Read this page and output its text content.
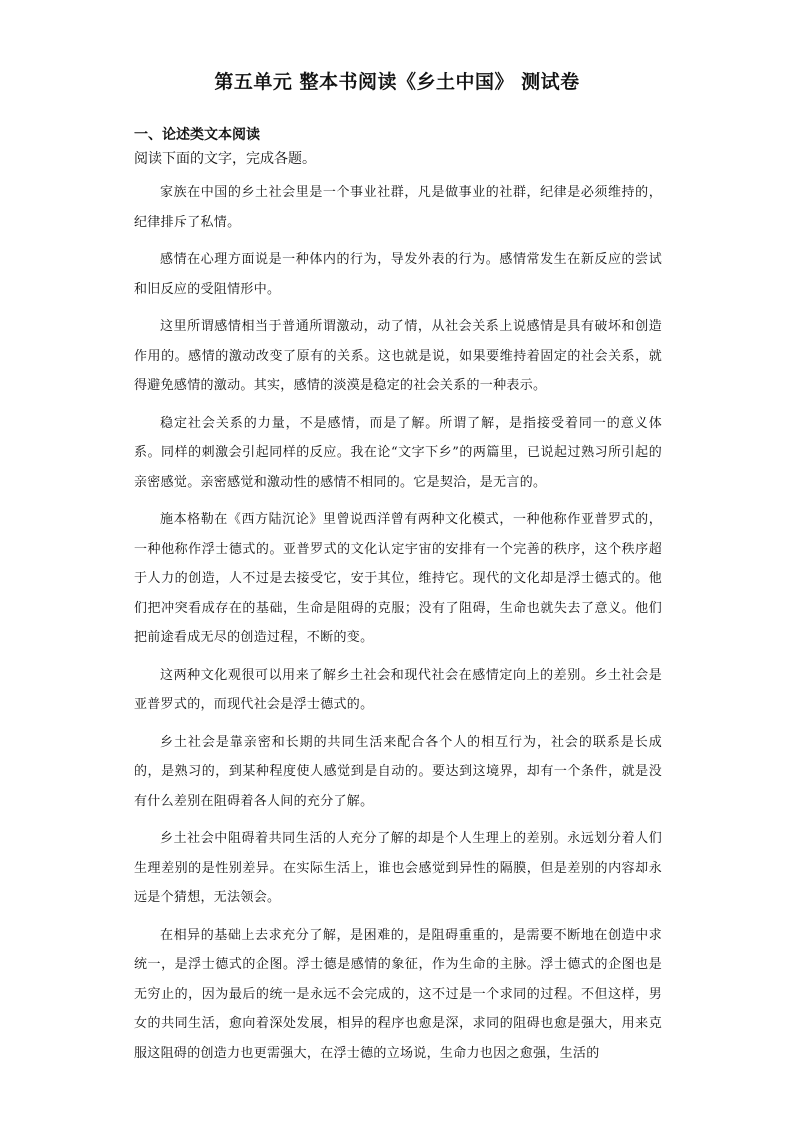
第五单元 整本书阅读《乡土中国》 测试卷
一、论述类文本阅读

阅读下面的文字，完成各题。

家族在中国的乡土社会里是一个事业社群，凡是做事业的社群，纪律是必须维持的，纪律排斥了私情。

感情在心理方面说是一种体内的行为，导发外表的行为。感情常发生在新反应的尝试和旧反应的受阻情形中。

这里所谓感情相当于普通所谓激动，动了情，从社会关系上说感情是具有破坏和创造作用的。感情的激动改变了原有的关系。这也就是说，如果要维持着固定的社会关系，就得避免感情的激动。其实，感情的淡漠是稳定的社会关系的一种表示。

稳定社会关系的力量，不是感情，而是了解。所谓了解，是指接受着同一的意义体系。同样的刺激会引起同样的反应。我在论“文字下乡”的两篇里，已说起过熟习所引起的亲密感觉。亲密感觉和激动性的感情不相同的。它是契洽，是无言的。

施本格勒在《西方陆沉论》里曾说西洋曾有两种文化模式，一种他称作亚普罗式的，一种他称作浮士德式的。亚普罗式的文化认定宇宙的安排有一个完善的秩序，这个秩序超于人力的创造，人不过是去接受它，安于其位，维持它。现代的文化却是浮士德式的。他们把冲突看成存在的基础，生命是阻碍的克服；没有了阻碍，生命也就失去了意义。他们把前途看成无尽的创造过程，不断的变。

这两种文化观很可以用来了解乡土社会和现代社会在感情定向上的差别。乡土社会是亚普罗式的，而现代社会是浮士德式的。

乡土社会是靠亲密和长期的共同生活来配合各个人的相互行为，社会的联系是长成的，是熟习的，到某种程度使人感觉到是自动的。要达到这境界，却有一个条件，就是没有什么差别在阻碍着各人间的充分了解。

乡土社会中阻碍着共同生活的人充分了解的却是个人生理上的差别。永远划分着人们生理差别的是性别差异。在实际生活上，谁也会感觉到异性的隔膜，但是差别的内容却永远是个猜想，无法领会。

在相异的基础上去求充分了解，是困难的，是阻碍重重的，是需要不断地在创造中求统一，是浮士德式的企图。浮士德是感情的象征，作为生命的主脉。浮士德式的企图也是无穷止的，因为最后的统一是永远不会完成的，这不过是一个求同的过程。不但这样，男女的共同生活，愈向着深处发展，相异的程序也愈是深，求同的阻碍也愈是强大，用来克服这阻碍的创造力也更需强大，在浮士德的立场说，生命力也因之愈强，生活的
